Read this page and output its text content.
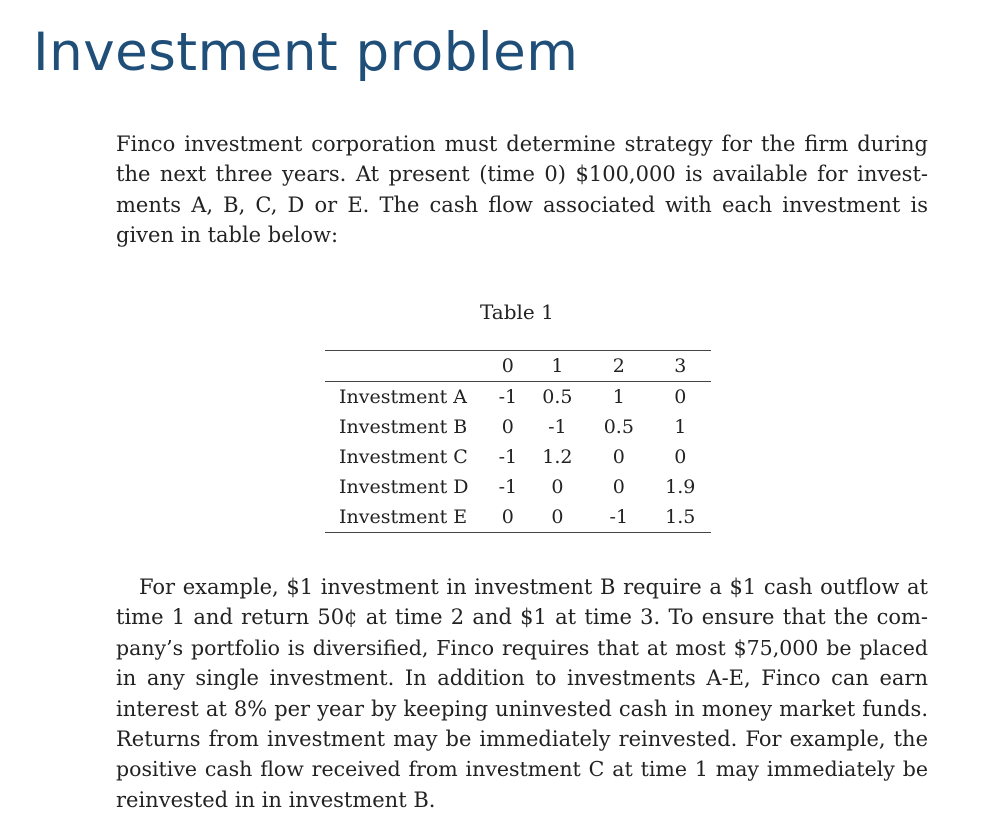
Investment problem
Finco investment corporation must determine strategy for the firm during
the next three years. At present (time 0) $100,000 is available for invest-
ments A, B, C, D or E. The cash flow associated with each investment is
given in table below:
Table 1
	0	1	2	3
Investment A	-1	0.5	1	0
Investment B	0	-1	0.5	1
Investment C	-1	1.2	0	0
Investment D	-1	0	0	1.9
Investment E	0	0	-1	1.5
For example, $1 investment in investment B require a $1 cash outflow at
time 1 and return 50¢ at time 2 and $1 at time 3. To ensure that the com-
pany’s portfolio is diversified, Finco requires that at most $75,000 be placed
in any single investment. In addition to investments A-E, Finco can earn
interest at 8% per year by keeping uninvested cash in money market funds.
Returns from investment may be immediately reinvested. For example, the
positive cash flow received from investment C at time 1 may immediately be
reinvested in in investment B.
